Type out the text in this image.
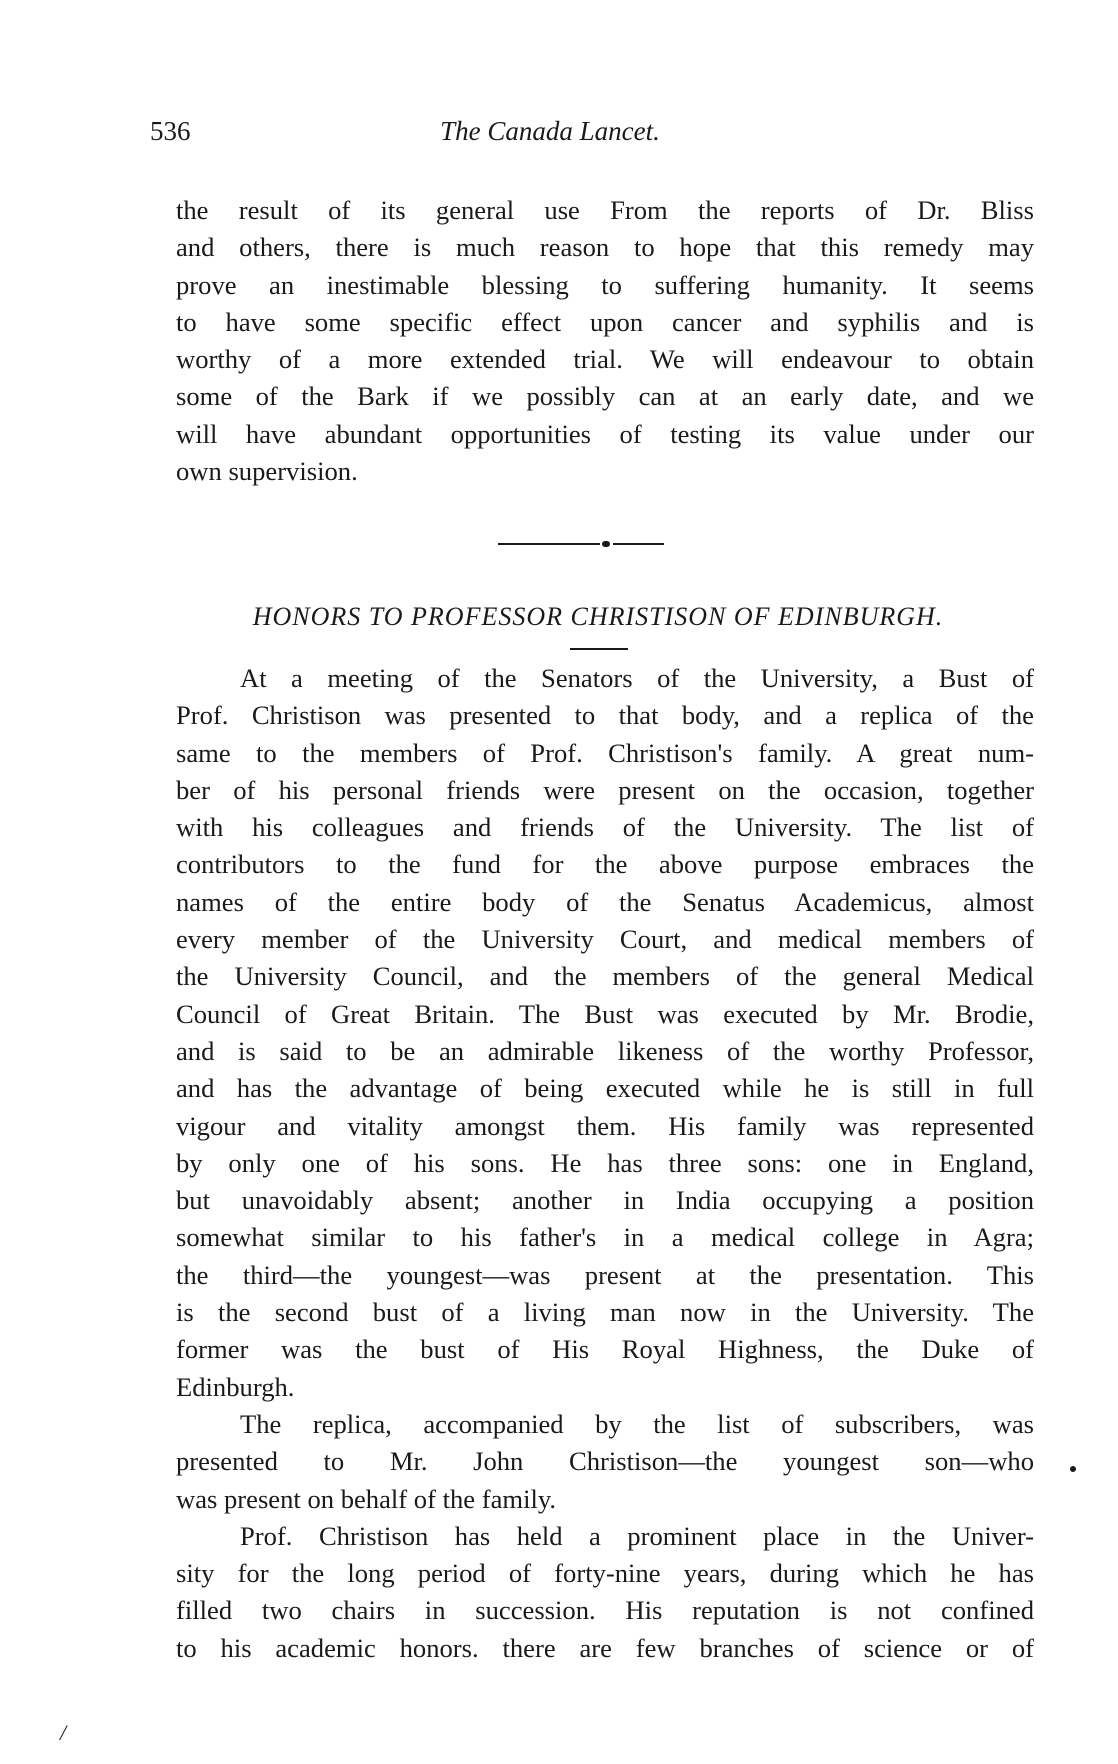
536	The Canada Lancet.
the result of its general use From the reports of Dr. Bliss
and others, there is much reason to hope that this remedy may
prove an inestimable blessing to suffering humanity. It seems
to have some specific effect upon cancer and syphilis and is
worthy of a more extended trial. We will endeavour to obtain
some of the Bark if we possibly can at an early date, and we
will have abundant opportunities of testing its value under our
own supervision.
HONORS TO PROFESSOR CHRISTISON OF EDINBURGH.
At a meeting of the Senators of the University, a Bust of
Prof. Christison was presented to that body, and a replica of the
same to the members of Prof. Christison's family. A great num-
ber of his personal friends were present on the occasion, together
with his colleagues and friends of the University. The list of
contributors to the fund for the above purpose embraces the
names of the entire body of the Senatus Academicus, almost
every member of the University Court, and medical members of
the University Council, and the members of the general Medical
Council of Great Britain. The Bust was executed by Mr. Brodie,
and is said to be an admirable likeness of the worthy Professor,
and has the advantage of being executed while he is still in full
vigour and vitality amongst them. His family was represented
by only one of his sons. He has three sons: one in England,
but unavoidably absent; another in India occupying a position
somewhat similar to his father's in a medical college in Agra;
the third—the youngest—was present at the presentation. This
is the second bust of a living man now in the University. The
former was the bust of His Royal Highness, the Duke of
Edinburgh.
The replica, accompanied by the list of subscribers, was
presented to Mr. John Christison—the youngest son—who
was present on behalf of the family.
Prof. Christison has held a prominent place in the Univer-
sity for the long period of forty-nine years, during which he has
filled two chairs in succession. His reputation is not confined
to his academic honors. there are few branches of science or of
/
